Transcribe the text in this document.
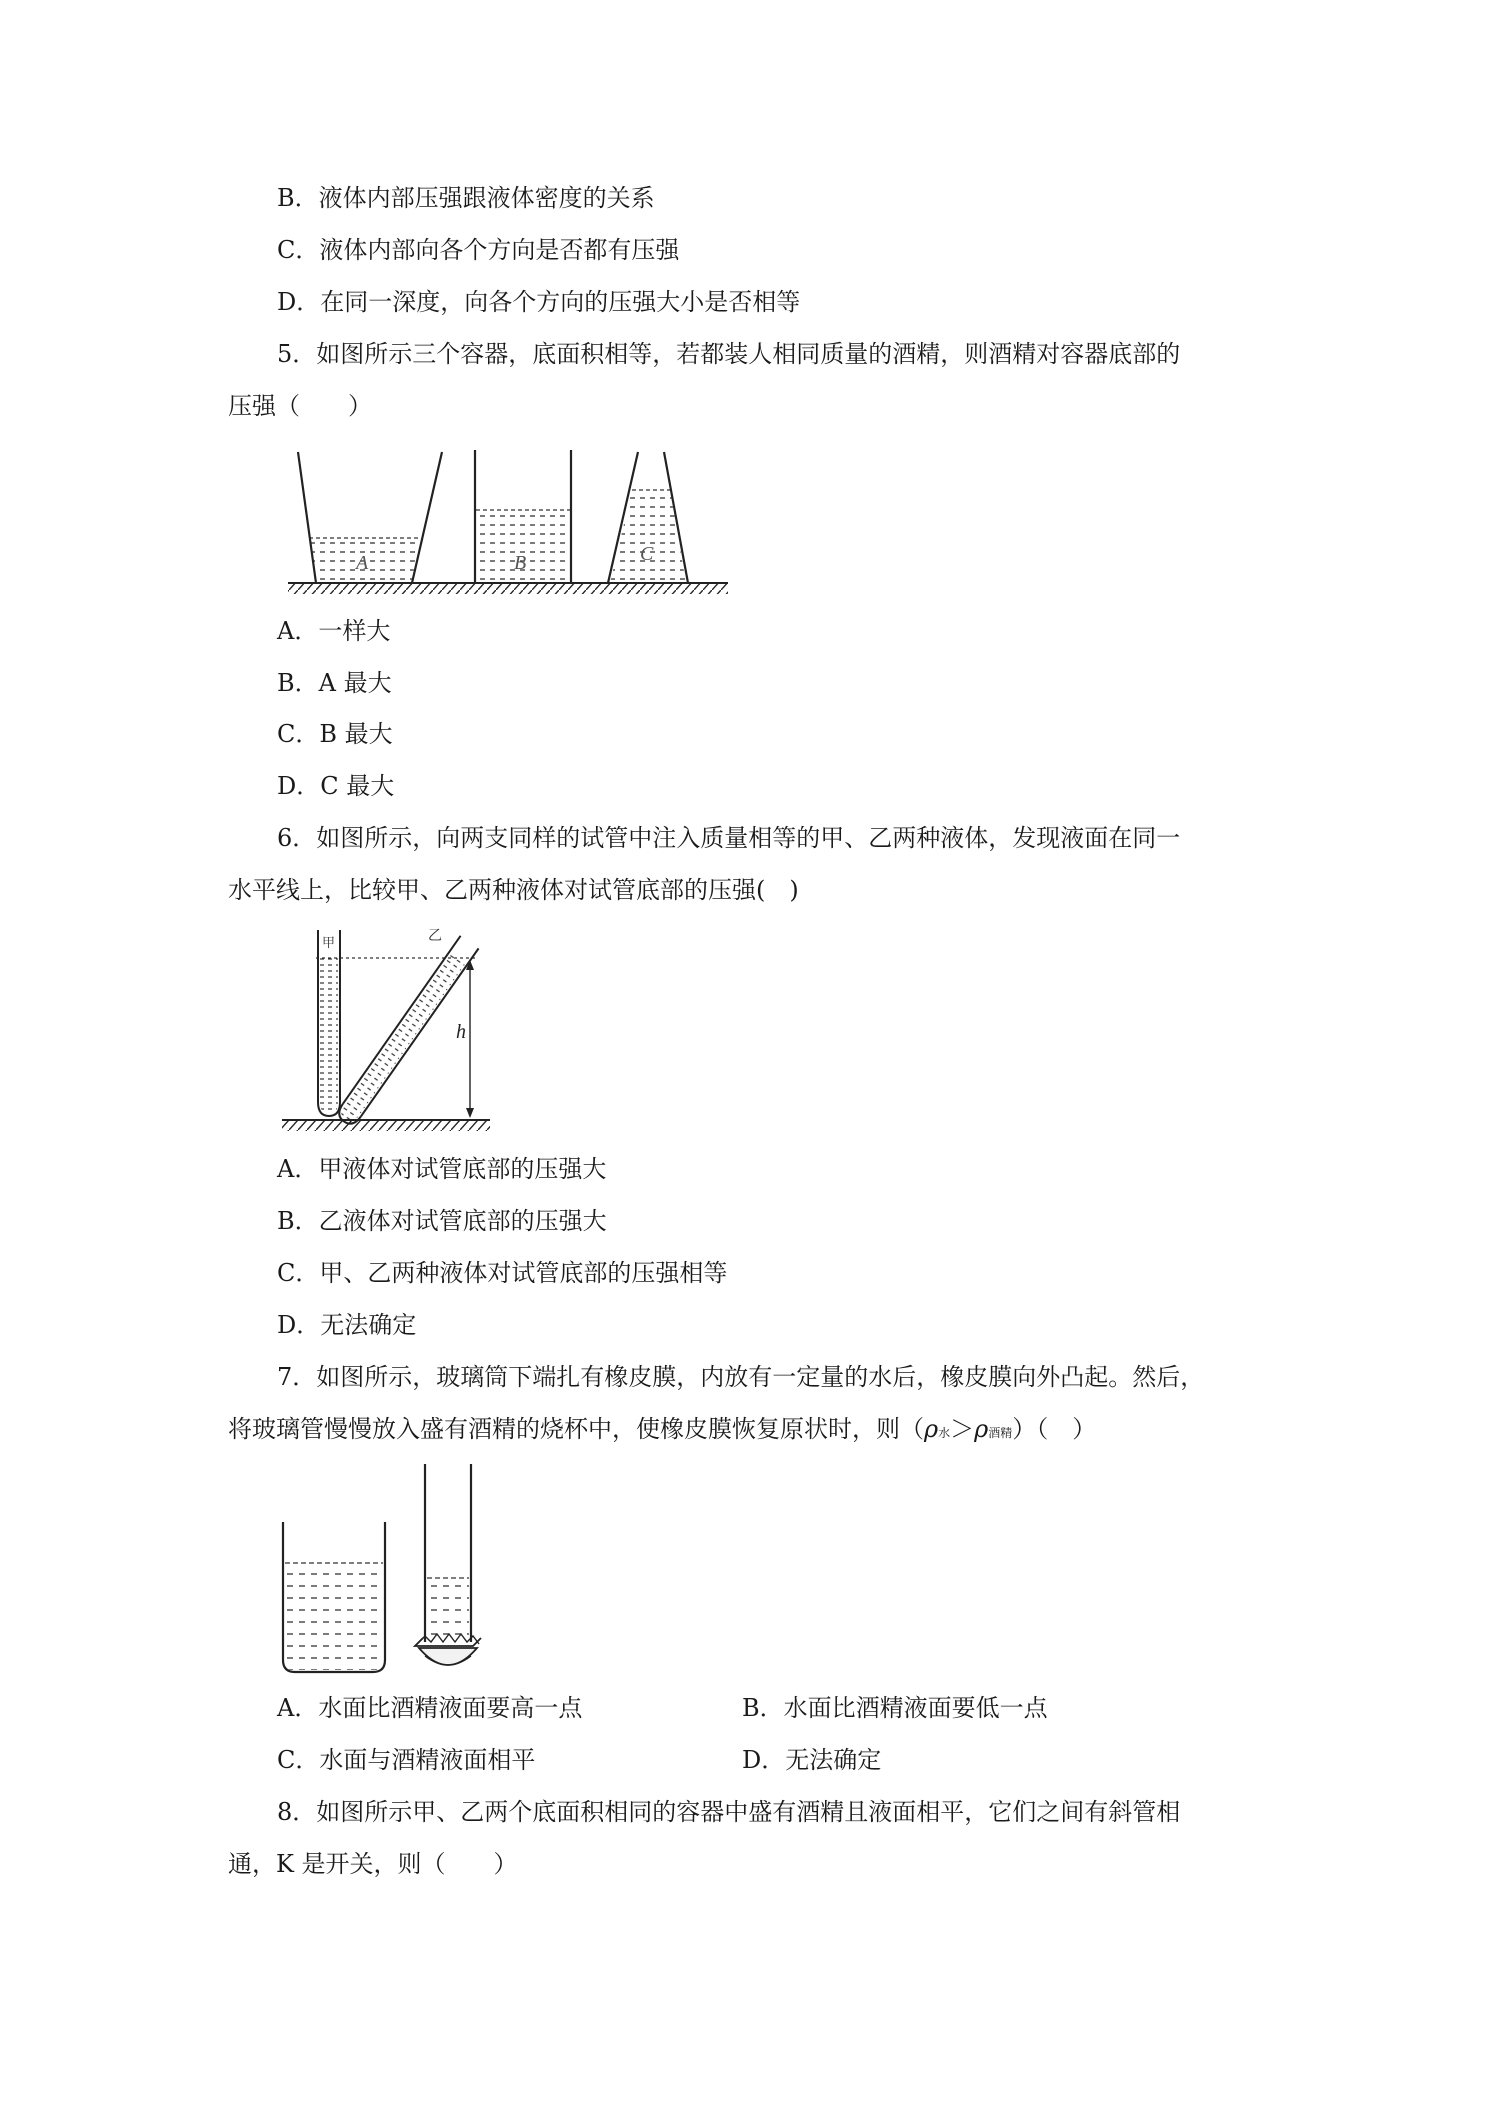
B．液体内部压强跟液体密度的关系
C．液体内部向各个方向是否都有压强
D．在同一深度，向各个方向的压强大小是否相等
5．如图所示三个容器，底面积相等，若都装人相同质量的酒精，则酒精对容器底部的
压强（　　）
A	B	C
A．一样大
B．A 最大
C．B 最大
D．C 最大
6．如图所示，向两支同样的试管中注入质量相等的甲、乙两种液体，发现液面在同一
水平线上，比较甲、乙两种液体对试管底部的压强(　)
甲	乙
h
A．甲液体对试管底部的压强大
B．乙液体对试管底部的压强大
C．甲、乙两种液体对试管底部的压强相等
D．无法确定
7．如图所示，玻璃筒下端扎有橡皮膜，内放有一定量的水后，橡皮膜向外凸起。然后，
将玻璃管慢慢放入盛有酒精的烧杯中，使橡皮膜恢复原状时，则（ρ水＞ρ酒精）（　）
A．水面比酒精液面要高一点	B．水面比酒精液面要低一点
C．水面与酒精液面相平	D．无法确定
8．如图所示甲、乙两个底面积相同的容器中盛有酒精且液面相平，它们之间有斜管相
通，K 是开关，则（　　）
